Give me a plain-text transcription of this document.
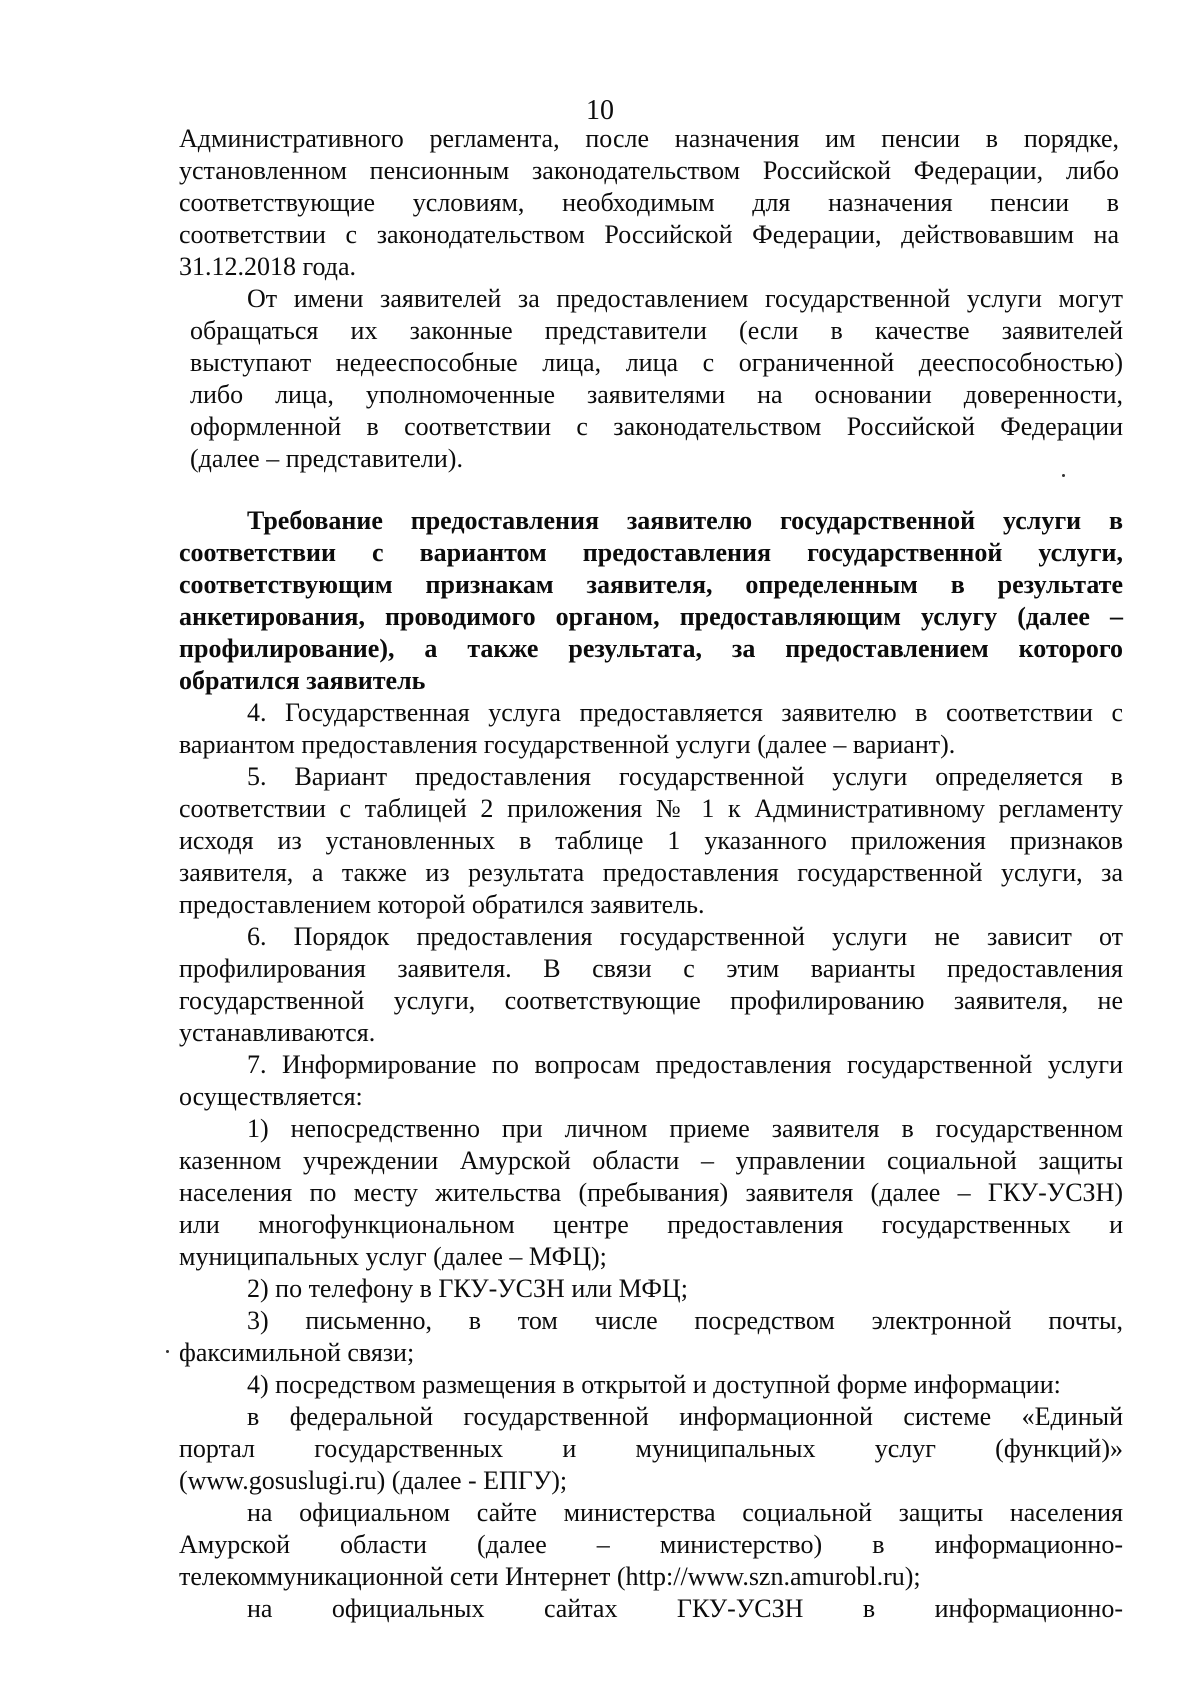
10
Административного регламента, после назначения им пенсии в порядке,
установленном пенсионным законодательством Российской Федерации, либо
соответствующие условиям, необходимым для назначения пенсии в
соответствии с законодательством Российской Федерации, действовавшим на
31.12.2018 года.
От имени заявителей за предоставлением государственной услуги могут
обращаться их законные представители (если в качестве заявителей
выступают недееспособные лица, лица с ограниченной дееспособностью)
либо лица, уполномоченные заявителями на основании доверенности,
оформленной в соответствии с законодательством Российской Федерации
(далее – представители).
Требование предоставления заявителю государственной услуги в
соответствии с вариантом предоставления государственной услуги,
соответствующим признакам заявителя, определенным в результате
анкетирования, проводимого органом, предоставляющим услугу (далее –
профилирование), а также результата, за предоставлением которого
обратился заявитель
4. Государственная услуга предоставляется заявителю в соответствии с
вариантом предоставления государственной услуги (далее – вариант).
5. Вариант предоставления государственной услуги определяется в
соответствии с таблицей 2 приложения № 1 к Административному регламенту
исходя из установленных в таблице 1 указанного приложения признаков
заявителя, а также из результата предоставления государственной услуги, за
предоставлением которой обратился заявитель.
6. Порядок предоставления государственной услуги не зависит от
профилирования заявителя. В связи с этим варианты предоставления
государственной услуги, соответствующие профилированию заявителя, не
устанавливаются.
7. Информирование по вопросам предоставления государственной услуги
осуществляется:
1) непосредственно при личном приеме заявителя в государственном
казенном учреждении Амурской области – управлении социальной защиты
населения по месту жительства (пребывания) заявителя (далее – ГКУ-УСЗН)
или многофункциональном центре предоставления государственных и
муниципальных услуг (далее – МФЦ);
2) по телефону в ГКУ-УСЗН или МФЦ;
3) письменно, в том числе посредством электронной почты,
факсимильной связи;
4) посредством размещения в открытой и доступной форме информации:
в федеральной государственной информационной системе «Единый
портал государственных и муниципальных услуг (функций)»
(www.gosuslugi.ru) (далее - ЕПГУ);
на официальном сайте министерства социальной защиты населения
Амурской области (далее – министерство) в информационно-
телекоммуникационной сети Интернет (http://www.szn.amurobl.ru);
на официальных сайтах ГКУ-УСЗН в информационно-
